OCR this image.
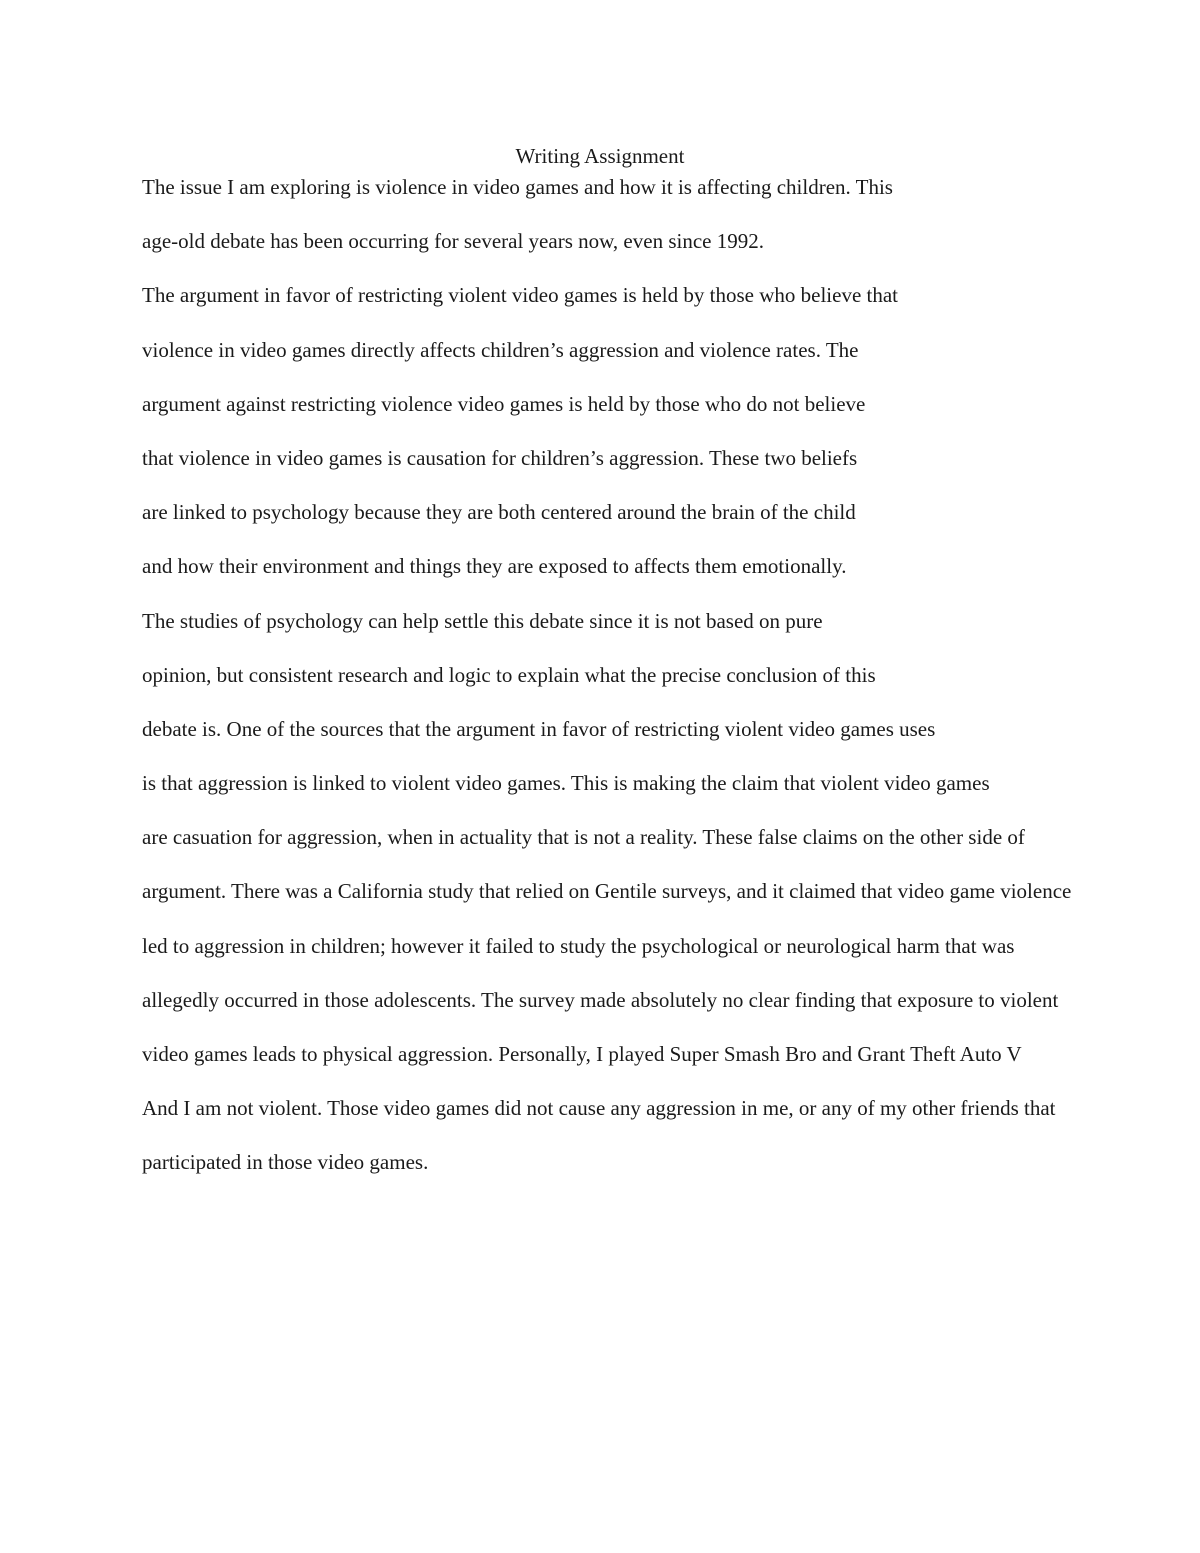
Writing Assignment
The issue I am exploring is violence in video games and how it is affecting children. This
age-old debate has been occurring for several years now, even since 1992.
The argument in favor of restricting violent video games is held by those who believe that
violence in video games directly affects children’s aggression and violence rates. The
argument against restricting violence video games is held by those who do not believe
that violence in video games is causation for children’s aggression. These two beliefs
are linked to psychology because they are both centered around the brain of the child
and how their environment and things they are exposed to affects them emotionally.
The studies of psychology can help settle this debate since it is not based on pure
opinion, but consistent research and logic to explain what the precise conclusion of this
debate is. One of the sources that the argument in favor of restricting violent video games uses
is that aggression is linked to violent video games. This is making the claim that violent video games
are casuation for aggression, when in actuality that is not a reality. These false claims on the other side of
argument. There was a California study that relied on Gentile surveys, and it claimed that video game violence
led to aggression in children; however it failed to study the psychological or neurological harm that was
allegedly occurred in those adolescents. The survey made absolutely no clear finding that exposure to violent
video games leads to physical aggression. Personally, I played Super Smash Bro and Grant Theft Auto V
And I am not violent. Those video games did not cause any aggression in me, or any of my other friends that
participated in those video games.
